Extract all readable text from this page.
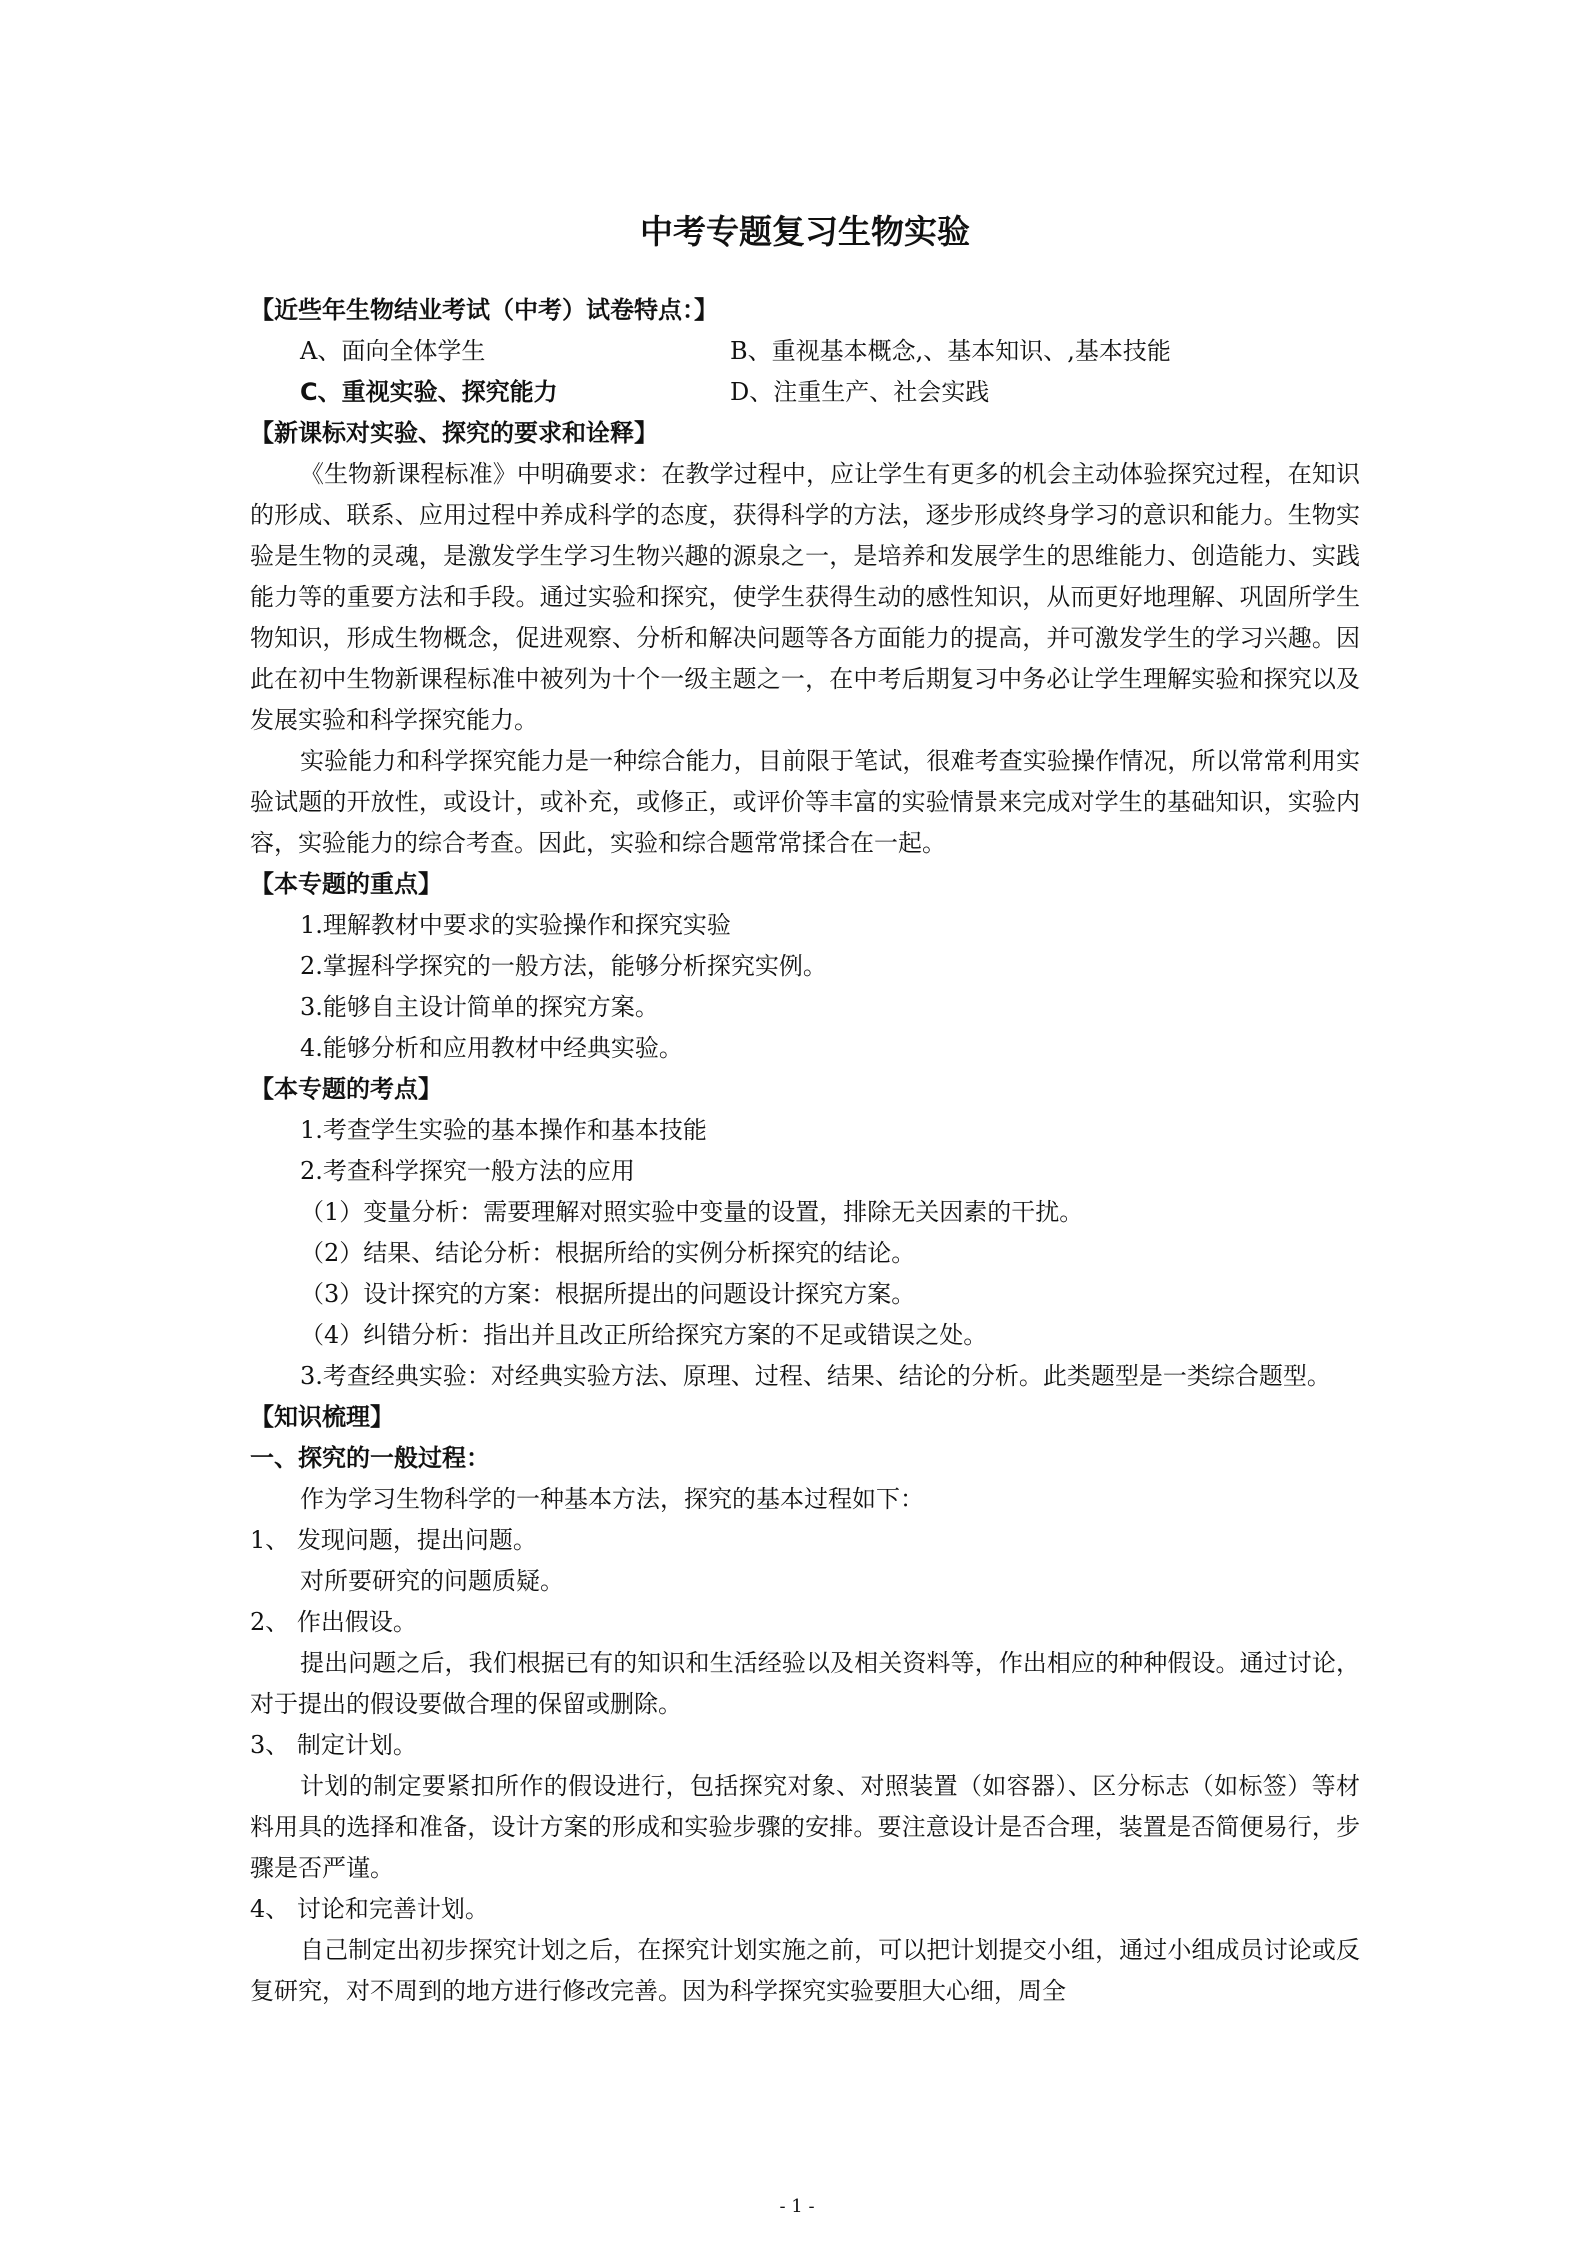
中考专题复习生物实验
【近些年生物结业考试（中考）试卷特点：】
A、面向全体学生	B、重视基本概念,、基本知识、,基本技能
C、重视实验、探究能力	D、注重生产、社会实践
【新课标对实验、探究的要求和诠释】

《生物新课程标准》中明确要求：在教学过程中，应让学生有更多的机会主动体验探究过程，在知识的形成、联系、应用过程中养成科学的态度，获得科学的方法，逐步形成终身学习的意识和能力。生物实验是生物的灵魂，是激发学生学习生物兴趣的源泉之一，是培养和发展学生的思维能力、创造能力、实践能力等的重要方法和手段。通过实验和探究，使学生获得生动的感性知识，从而更好地理解、巩固所学生物知识，形成生物概念，促进观察、分析和解决问题等各方面能力的提高，并可激发学生的学习兴趣。因此在初中生物新课程标准中被列为十个一级主题之一，在中考后期复习中务必让学生理解实验和探究以及发展实验和科学探究能力。

实验能力和科学探究能力是一种综合能力，目前限于笔试，很难考查实验操作情况，所以常常利用实验试题的开放性，或设计，或补充，或修正，或评价等丰富的实验情景来完成对学生的基础知识，实验内容，实验能力的综合考查。因此，实验和综合题常常揉合在一起。

【本专题的重点】
1.理解教材中要求的实验操作和探究实验
2.掌握科学探究的一般方法，能够分析探究实例。
3.能够自主设计简单的探究方案。
4.能够分析和应用教材中经典实验。
【本专题的考点】
1.考查学生实验的基本操作和基本技能
2.考查科学探究一般方法的应用
（1）变量分析：需要理解对照实验中变量的设置，排除无关因素的干扰。
（2）结果、结论分析：根据所给的实例分析探究的结论。
（3）设计探究的方案：根据所提出的问题设计探究方案。
（4）纠错分析：指出并且改正所给探究方案的不足或错误之处。

3.考查经典实验：对经典实验方法、原理、过程、结果、结论的分析。此类题型是一类综合题型。

【知识梳理】
一、探究的一般过程：

作为学习生物科学的一种基本方法，探究的基本过程如下：

1、 发现问题，提出问题。
对所要研究的问题质疑。
2、 作出假设。

提出问题之后，我们根据已有的知识和生活经验以及相关资料等，作出相应的种种假设。通过讨论，对于提出的假设要做合理的保留或删除。

3、 制定计划。

计划的制定要紧扣所作的假设进行，包括探究对象、对照装置（如容器）、区分标志（如标签）等材料用具的选择和准备，设计方案的形成和实验步骤的安排。要注意设计是否合理，装置是否简便易行，步骤是否严谨。

4、 讨论和完善计划。

自己制定出初步探究计划之后，在探究计划实施之前，可以把计划提交小组，通过小组成员讨论或反复研究，对不周到的地方进行修改完善。因为科学探究实验要胆大心细，周全

- 1 -
